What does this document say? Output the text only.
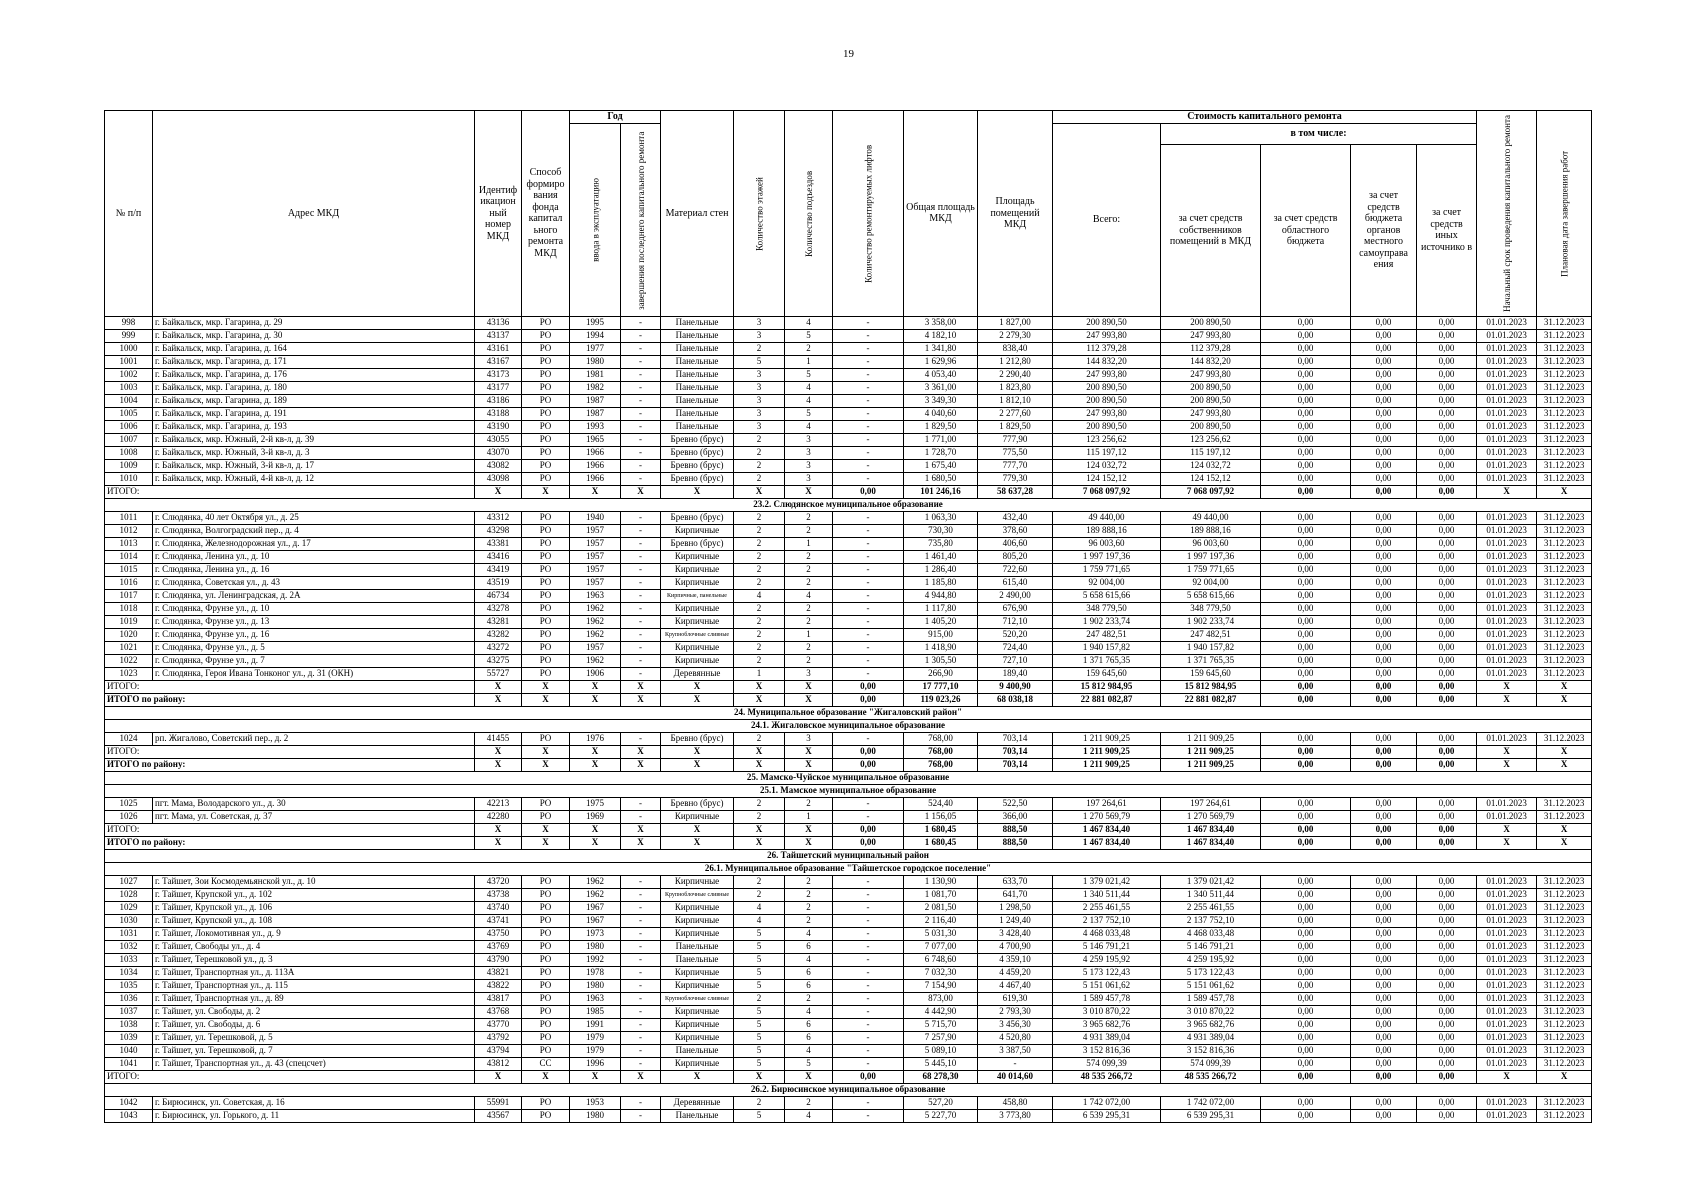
19
№ п/п	Адрес МКД	Идентиф икацион ный номер МКД	Способ формиро вания фонда капитал ьного ремонта МКД	Год		Материал стен	Количество этажей	Количество подъездов	Количество ремонтируемых лифтов	Общая площадь МКД	Площадь помещений МКД	Стоимость капитального ремонта					Начальный срок проведения капитального ремонта	Плановая дата завершения работ
				ввода в эксплуатацию	завершения последнего капитального ремонта							Всего:	в том числе:					
													за счет средств собственников помещений в МКД	за счет средств областного бюджета	за счет средств бюджета органов местного самоуправа ения	за счет средств иных источнико в		
998	г. Байкальск, мкр. Гагарина, д. 29	43136	РО	1995	-	Панельные	3	4	-	3 358,00	1 827,00	200 890,50	200 890,50	0,00	0,00	0,00	01.01.2023	31.12.2023
999	г. Байкальск, мкр. Гагарина, д. 30	43137	РО	1994	-	Панельные	3	5	-	4 182,10	2 279,30	247 993,80	247 993,80	0,00	0,00	0,00	01.01.2023	31.12.2023
1000	г. Байкальск, мкр. Гагарина, д. 164	43161	РО	1977	-	Панельные	2	2	-	1 341,80	838,40	112 379,28	112 379,28	0,00	0,00	0,00	01.01.2023	31.12.2023
1001	г. Байкальск, мкр. Гагарина, д. 171	43167	РО	1980	-	Панельные	5	1	-	1 629,96	1 212,80	144 832,20	144 832,20	0,00	0,00	0,00	01.01.2023	31.12.2023
1002	г. Байкальск, мкр. Гагарина, д. 176	43173	РО	1981	-	Панельные	3	5	-	4 053,40	2 290,40	247 993,80	247 993,80	0,00	0,00	0,00	01.01.2023	31.12.2023
1003	г. Байкальск, мкр. Гагарина, д. 180	43177	РО	1982	-	Панельные	3	4	-	3 361,00	1 823,80	200 890,50	200 890,50	0,00	0,00	0,00	01.01.2023	31.12.2023
1004	г. Байкальск, мкр. Гагарина, д. 189	43186	РО	1987	-	Панельные	3	4	-	3 349,30	1 812,10	200 890,50	200 890,50	0,00	0,00	0,00	01.01.2023	31.12.2023
1005	г. Байкальск, мкр. Гагарина, д. 191	43188	РО	1987	-	Панельные	3	5	-	4 040,60	2 277,60	247 993,80	247 993,80	0,00	0,00	0,00	01.01.2023	31.12.2023
1006	г. Байкальск, мкр. Гагарина, д. 193	43190	РО	1993	-	Панельные	3	4	-	1 829,50	1 829,50	200 890,50	200 890,50	0,00	0,00	0,00	01.01.2023	31.12.2023
1007	г. Байкальск, мкр. Южный, 2-й кв-л, д. 39	43055	РО	1965	-	Бревно (брус)	2	3	-	1 771,00	777,90	123 256,62	123 256,62	0,00	0,00	0,00	01.01.2023	31.12.2023
1008	г. Байкальск, мкр. Южный, 3-й кв-л, д. 3	43070	РО	1966	-	Бревно (брус)	2	3	-	1 728,70	775,50	115 197,12	115 197,12	0,00	0,00	0,00	01.01.2023	31.12.2023
1009	г. Байкальск, мкр. Южный, 3-й кв-л, д. 17	43082	РО	1966	-	Бревно (брус)	2	3	-	1 675,40	777,70	124 032,72	124 032,72	0,00	0,00	0,00	01.01.2023	31.12.2023
1010	г. Байкальск, мкр. Южный, 4-й кв-л, д. 12	43098	РО	1966	-	Бревно (брус)	2	3	-	1 680,50	779,30	124 152,12	124 152,12	0,00	0,00	0,00	01.01.2023	31.12.2023
ИТОГО:		Х	Х	Х	Х	Х	Х	Х	0,00	101 246,16	58 637,28	7 068 097,92	7 068 097,92	0,00	0,00	0,00	Х	Х
23.2. Слюдянское муниципальное образование																		
1011	г. Слюдянка, 40 лет Октября ул., д. 25	43312	РО	1940	-	Бревно (брус)	2	2	-	1 063,30	432,40	49 440,00	49 440,00	0,00	0,00	0,00	01.01.2023	31.12.2023
1012	г. Слюдянка, Волгоградский пер., д. 4	43298	РО	1957	-	Кирпичные	2	2	-	730,30	378,60	189 888,16	189 888,16	0,00	0,00	0,00	01.01.2023	31.12.2023
1013	г. Слюдянка, Железнодорожная ул., д. 17	43381	РО	1957	-	Бревно (брус)	2	1	-	735,80	406,60	96 003,60	96 003,60	0,00	0,00	0,00	01.01.2023	31.12.2023
1014	г. Слюдянка, Ленина ул., д. 10	43416	РО	1957	-	Кирпичные	2	2	-	1 461,40	805,20	1 997 197,36	1 997 197,36	0,00	0,00	0,00	01.01.2023	31.12.2023
1015	г. Слюдянка, Ленина ул., д. 16	43419	РО	1957	-	Кирпичные	2	2	-	1 286,40	722,60	1 759 771,65	1 759 771,65	0,00	0,00	0,00	01.01.2023	31.12.2023
1016	г. Слюдянка, Советская ул., д. 43	43519	РО	1957	-	Кирпичные	2	2	-	1 185,80	615,40	92 004,00	92 004,00	0,00	0,00	0,00	01.01.2023	31.12.2023
1017	г. Слюдянка, ул. Ленинградская, д. 2А	46734	РО	1963	-	Кирпичные, панельные	4	4	-	4 944,80	2 490,00	5 658 615,66	5 658 615,66	0,00	0,00	0,00	01.01.2023	31.12.2023
1018	г. Слюдянка, Фрунзе ул., д. 10	43278	РО	1962	-	Кирпичные	2	2	-	1 117,80	676,90	348 779,50	348 779,50	0,00	0,00	0,00	01.01.2023	31.12.2023
1019	г. Слюдянка, Фрунзе ул., д. 13	43281	РО	1962	-	Кирпичные	2	2	-	1 405,20	712,10	1 902 233,74	1 902 233,74	0,00	0,00	0,00	01.01.2023	31.12.2023
1020	г. Слюдянка, Фрунзе ул., д. 16	43282	РО	1962	-	Крупноблочные сливные	2	1	-	915,00	520,20	247 482,51	247 482,51	0,00	0,00	0,00	01.01.2023	31.12.2023
1021	г. Слюдянка, Фрунзе ул., д. 5	43272	РО	1957	-	Кирпичные	2	2	-	1 418,90	724,40	1 940 157,82	1 940 157,82	0,00	0,00	0,00	01.01.2023	31.12.2023
1022	г. Слюдянка, Фрунзе ул., д. 7	43275	РО	1962	-	Кирпичные	2	2	-	1 305,50	727,10	1 371 765,35	1 371 765,35	0,00	0,00	0,00	01.01.2023	31.12.2023
1023	г. Слюдянка, Героя Ивана Тонконог ул., д. 31 (ОКН)	55727	РО	1906	-	Деревянные	1	3	-	266,90	189,40	159 645,60	159 645,60	0,00	0,00	0,00	01.01.2023	31.12.2023
ИТОГО:		Х	Х	Х	Х	Х	Х	Х	0,00	17 777,10	9 400,90	15 812 984,95	15 812 984,95	0,00	0,00	0,00	Х	Х
ИТОГО по району:		Х	Х	Х	Х	Х	Х	Х	0,00	119 023,26	68 038,18	22 881 082,87	22 881 082,87	0,00	0,00	0,00	Х	Х
24. Муниципальное образование "Жигаловский район"																		
24.1. Жигаловское муниципальное образование																		
1024	рп. Жигалово, Советский пер., д. 2	41455	РО	1976	-	Бревно (брус)	2	3	-	768,00	703,14	1 211 909,25	1 211 909,25	0,00	0,00	0,00	01.01.2023	31.12.2023
ИТОГО:		Х	Х	Х	Х	Х	Х	Х	0,00	768,00	703,14	1 211 909,25	1 211 909,25	0,00	0,00	0,00	Х	Х
ИТОГО по району:		Х	Х	Х	Х	Х	Х	Х	0,00	768,00	703,14	1 211 909,25	1 211 909,25	0,00	0,00	0,00	Х	Х
25. Мамско-Чуйское муниципальное образование																		
25.1. Мамское муниципальное образование																		
1025	пгт. Мама, Володарского ул., д. 30	42213	РО	1975	-	Бревно (брус)	2	2	-	524,40	522,50	197 264,61	197 264,61	0,00	0,00	0,00	01.01.2023	31.12.2023
1026	пгт. Мама, ул. Советская, д. 37	42280	РО	1969	-	Кирпичные	2	1	-	1 156,05	366,00	1 270 569,79	1 270 569,79	0,00	0,00	0,00	01.01.2023	31.12.2023
ИТОГО:		Х	Х	Х	Х	Х	Х	Х	0,00	1 680,45	888,50	1 467 834,40	1 467 834,40	0,00	0,00	0,00	Х	Х
ИТОГО по району:		Х	Х	Х	Х	Х	Х	Х	0,00	1 680,45	888,50	1 467 834,40	1 467 834,40	0,00	0,00	0,00	Х	Х
26. Тайшетский муниципальный район																		
26.1. Муниципальное образование "Тайшетское городское поселение"																		
1027	г. Тайшет, Зои Космодемьянской ул., д. 10	43720	РО	1962	-	Кирпичные	2	2	-	1 130,90	633,70	1 379 021,42	1 379 021,42	0,00	0,00	0,00	01.01.2023	31.12.2023
1028	г. Тайшет, Крупской ул., д. 102	43738	РО	1962	-	Крупноблочные сливные	2	2	-	1 081,70	641,70	1 340 511,44	1 340 511,44	0,00	0,00	0,00	01.01.2023	31.12.2023
1029	г. Тайшет, Крупской ул., д. 106	43740	РО	1967	-	Кирпичные	4	2	-	2 081,50	1 298,50	2 255 461,55	2 255 461,55	0,00	0,00	0,00	01.01.2023	31.12.2023
1030	г. Тайшет, Крупской ул., д. 108	43741	РО	1967	-	Кирпичные	4	2	-	2 116,40	1 249,40	2 137 752,10	2 137 752,10	0,00	0,00	0,00	01.01.2023	31.12.2023
1031	г. Тайшет, Локомотивная ул., д. 9	43750	РО	1973	-	Кирпичные	5	4	-	5 031,30	3 428,40	4 468 033,48	4 468 033,48	0,00	0,00	0,00	01.01.2023	31.12.2023
1032	г. Тайшет, Свободы ул., д. 4	43769	РО	1980	-	Панельные	5	6	-	7 077,00	4 700,90	5 146 791,21	5 146 791,21	0,00	0,00	0,00	01.01.2023	31.12.2023
1033	г. Тайшет, Терешковой ул., д. 3	43790	РО	1992	-	Панельные	5	4	-	6 748,60	4 359,10	4 259 195,92	4 259 195,92	0,00	0,00	0,00	01.01.2023	31.12.2023
1034	г. Тайшет, Транспортная ул., д. 113А	43821	РО	1978	-	Кирпичные	5	6	-	7 032,30	4 459,20	5 173 122,43	5 173 122,43	0,00	0,00	0,00	01.01.2023	31.12.2023
1035	г. Тайшет, Транспортная ул., д. 115	43822	РО	1980	-	Кирпичные	5	6	-	7 154,90	4 467,40	5 151 061,62	5 151 061,62	0,00	0,00	0,00	01.01.2023	31.12.2023
1036	г. Тайшет, Транспортная ул., д. 89	43817	РО	1963	-	Крупноблочные сливные	2	2	-	873,00	619,30	1 589 457,78	1 589 457,78	0,00	0,00	0,00	01.01.2023	31.12.2023
1037	г. Тайшет, ул. Свободы, д. 2	43768	РО	1985	-	Кирпичные	5	4	-	4 442,90	2 793,30	3 010 870,22	3 010 870,22	0,00	0,00	0,00	01.01.2023	31.12.2023
1038	г. Тайшет, ул. Свободы, д. 6	43770	РО	1991	-	Кирпичные	5	6	-	5 715,70	3 456,30	3 965 682,76	3 965 682,76	0,00	0,00	0,00	01.01.2023	31.12.2023
1039	г. Тайшет, ул. Терешковой, д. 5	43792	РО	1979	-	Кирпичные	5	6	-	7 257,90	4 520,80	4 931 389,04	4 931 389,04	0,00	0,00	0,00	01.01.2023	31.12.2023
1040	г. Тайшет, ул. Терешковой, д. 7	43794	РО	1979	-	Панельные	5	4	-	5 089,10	3 387,50	3 152 816,36	3 152 816,36	0,00	0,00	0,00	01.01.2023	31.12.2023
1041	г. Тайшет, Транспортная ул., д. 43 (спецсчет)	43812	СС	1996	-	Кирпичные	5	5	-	5 445,10	-	574 099,39	574 099,39	0,00	0,00	0,00	01.01.2023	31.12.2023
ИТОГО:		Х	Х	Х	Х	Х	Х	Х	0,00	68 278,30	40 014,60	48 535 266,72	48 535 266,72	0,00	0,00	0,00	Х	Х
26.2. Бирюсинское муниципальное образование																		
1042	г. Бирюсинск, ул. Советская, д. 16	55991	РО	1953	-	Деревянные	2	2	-	527,20	458,80	1 742 072,00	1 742 072,00	0,00	0,00	0,00	01.01.2023	31.12.2023
1043	г. Бирюсинск, ул. Горького, д. 11	43567	РО	1980	-	Панельные	5	4	-	5 227,70	3 773,80	6 539 295,31	6 539 295,31	0,00	0,00	0,00	01.01.2023	31.12.2023
